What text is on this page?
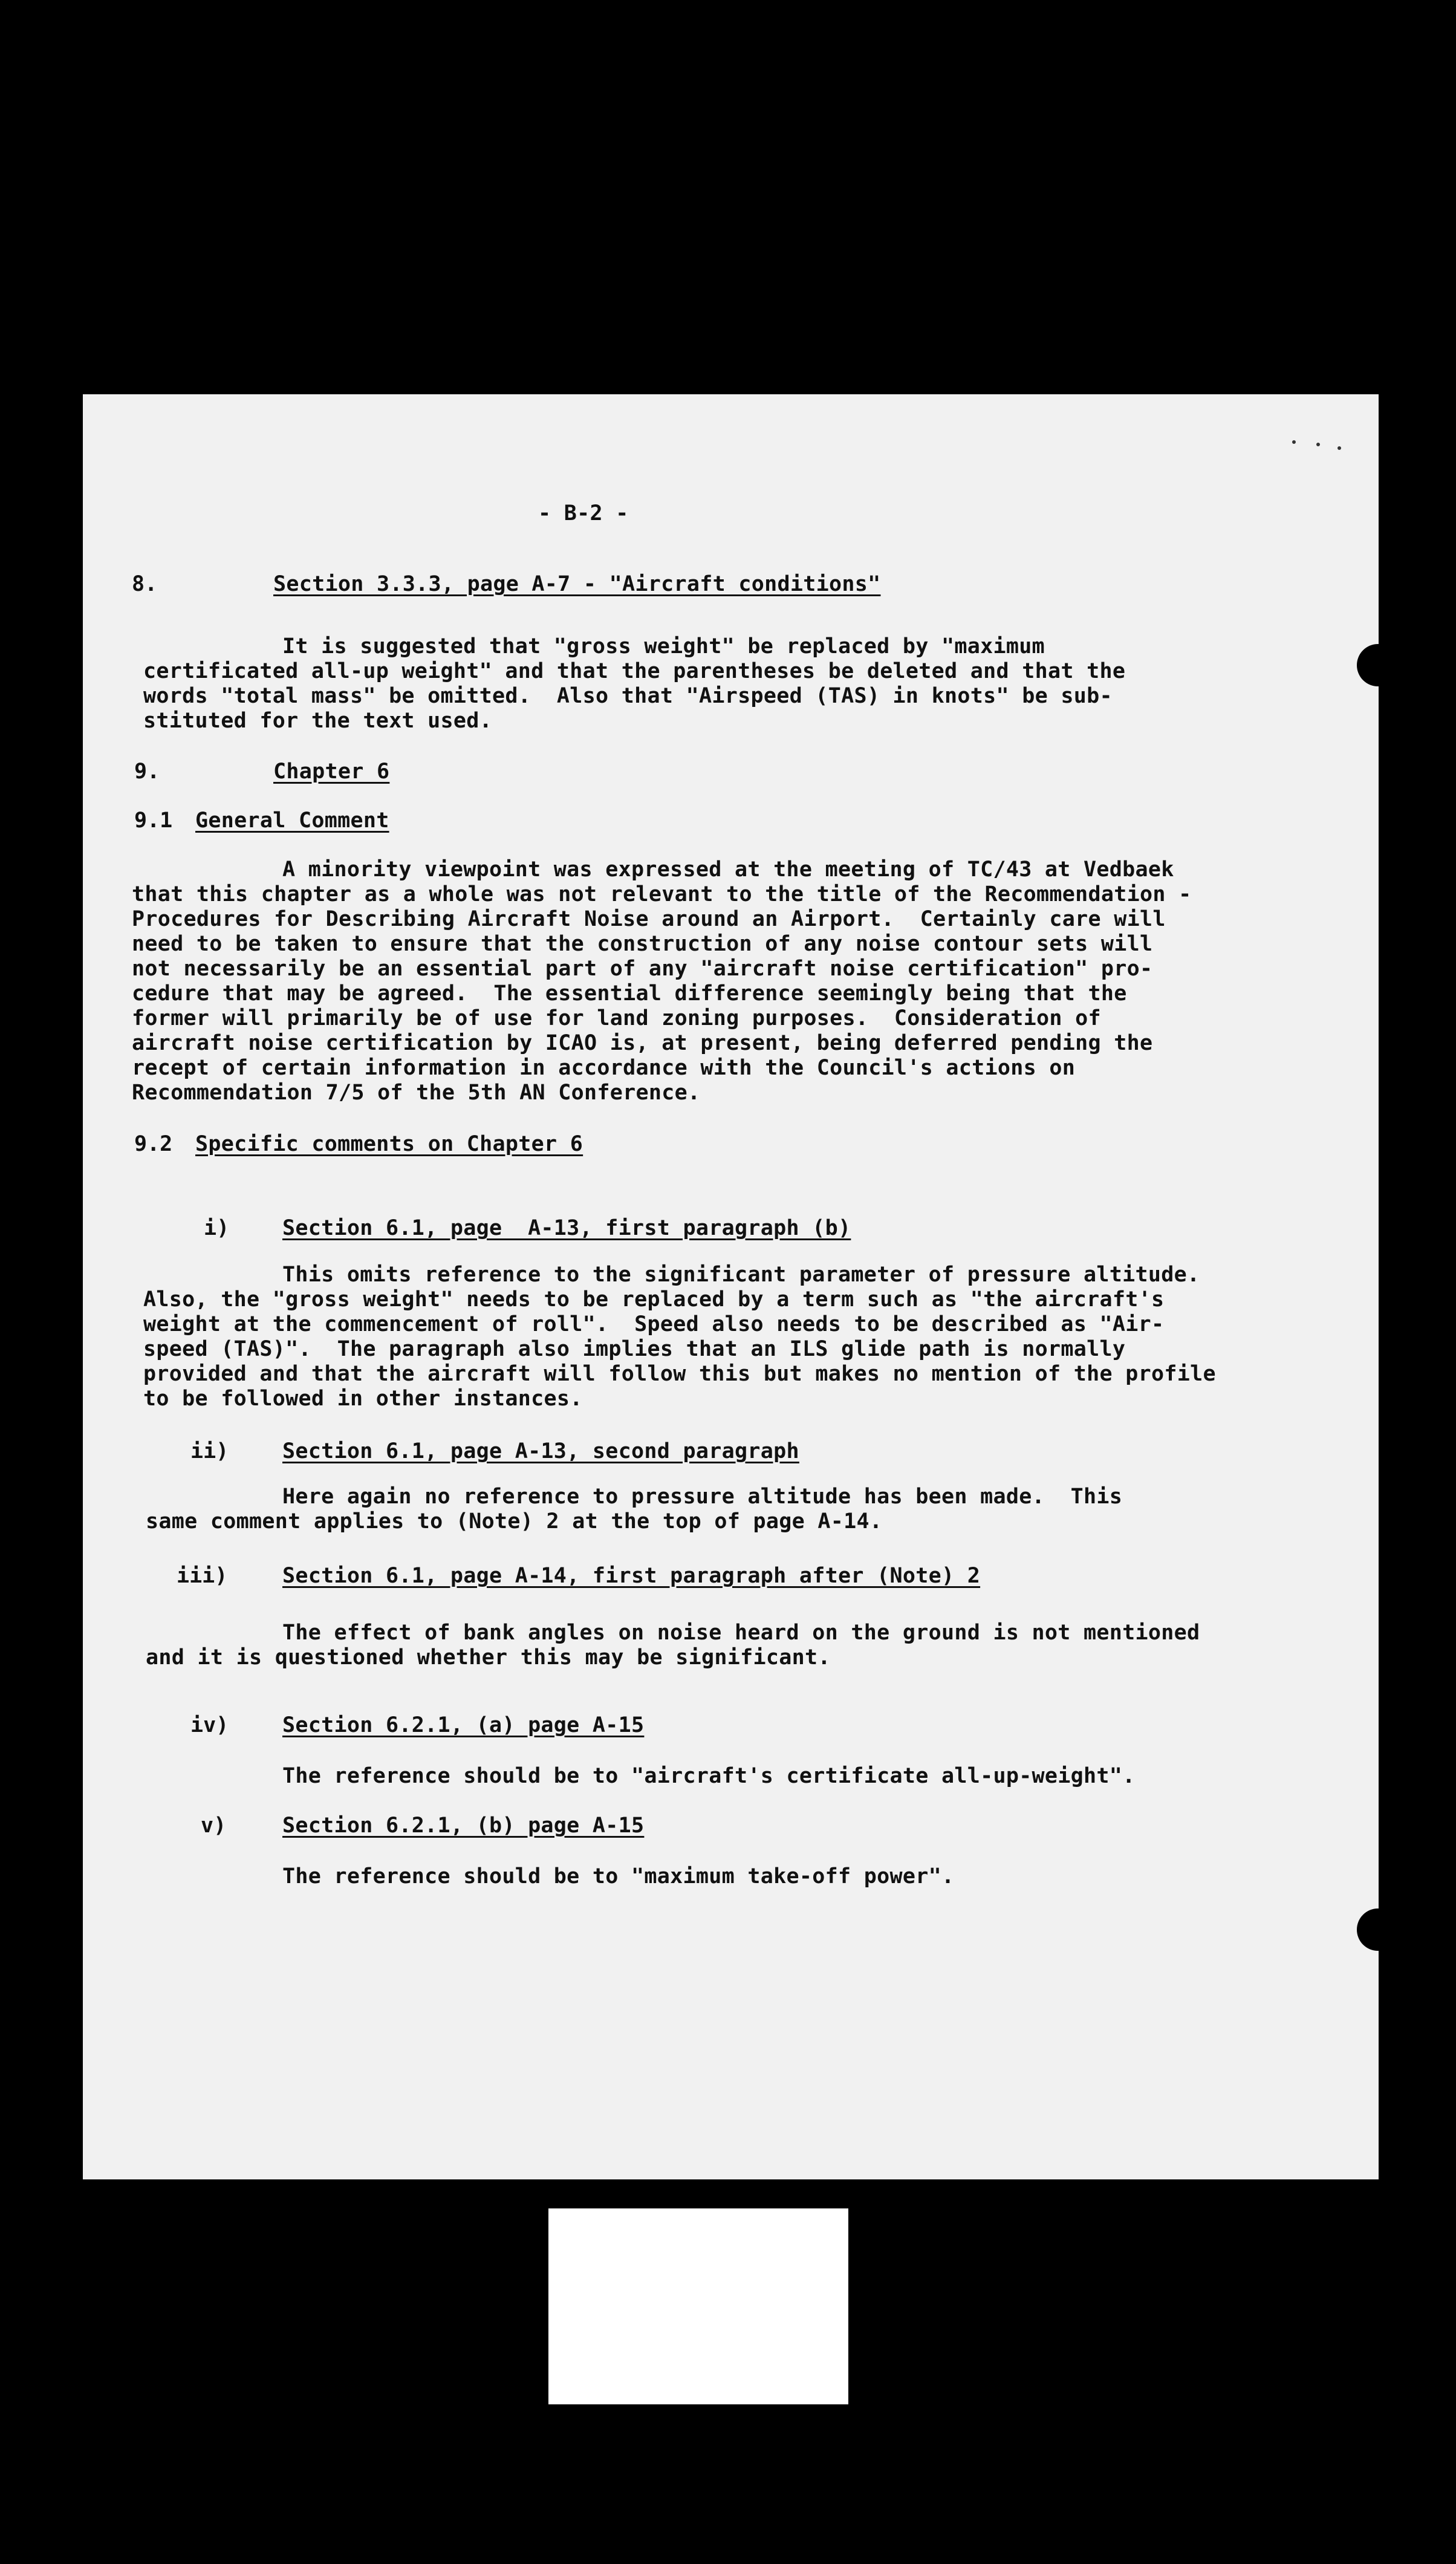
- B-2 -
8.	Section 3.3.3, page A-7 - "Aircraft conditions"
It is suggested that "gross weight" be replaced by "maximum
certificated all-up weight" and that the parentheses be deleted and that the
words "total mass" be omitted.  Also that "Airspeed (TAS) in knots" be sub-
stituted for the text used.
9.	Chapter 6
9.1 General Comment
A minority viewpoint was expressed at the meeting of TC/43 at Vedbaek
that this chapter as a whole was not relevant to the title of the Recommendation -
Procedures for Describing Aircraft Noise around an Airport.  Certainly care will
need to be taken to ensure that the construction of any noise contour sets will
not necessarily be an essential part of any "aircraft noise certification" pro-
cedure that may be agreed.  The essential difference seemingly being that the
former will primarily be of use for land zoning purposes.  Consideration of
aircraft noise certification by ICAO is, at present, being deferred pending the
recept of certain information in accordance with the Council's actions on
Recommendation 7/5 of the 5th AN Conference.
9.2 Specific comments on Chapter 6
i)	Section 6.1, page  A-13, first paragraph (b)
This omits reference to the significant parameter of pressure altitude.
Also, the "gross weight" needs to be replaced by a term such as "the aircraft's
weight at the commencement of roll".  Speed also needs to be described as "Air-
speed (TAS)".  The paragraph also implies that an ILS glide path is normally
provided and that the aircraft will follow this but makes no mention of the profile
to be followed in other instances.
ii)	Section 6.1, page A-13, second paragraph
Here again no reference to pressure altitude has been made.  This
same comment applies to (Note) 2 at the top of page A-14.
iii)	Section 6.1, page A-14, first paragraph after (Note) 2
The effect of bank angles on noise heard on the ground is not mentioned
and it is questioned whether this may be significant.
iv)	Section 6.2.1, (a) page A-15
The reference should be to "aircraft's certificate all-up-weight".
v)	Section 6.2.1, (b) page A-15
The reference should be to "maximum take-off power".
